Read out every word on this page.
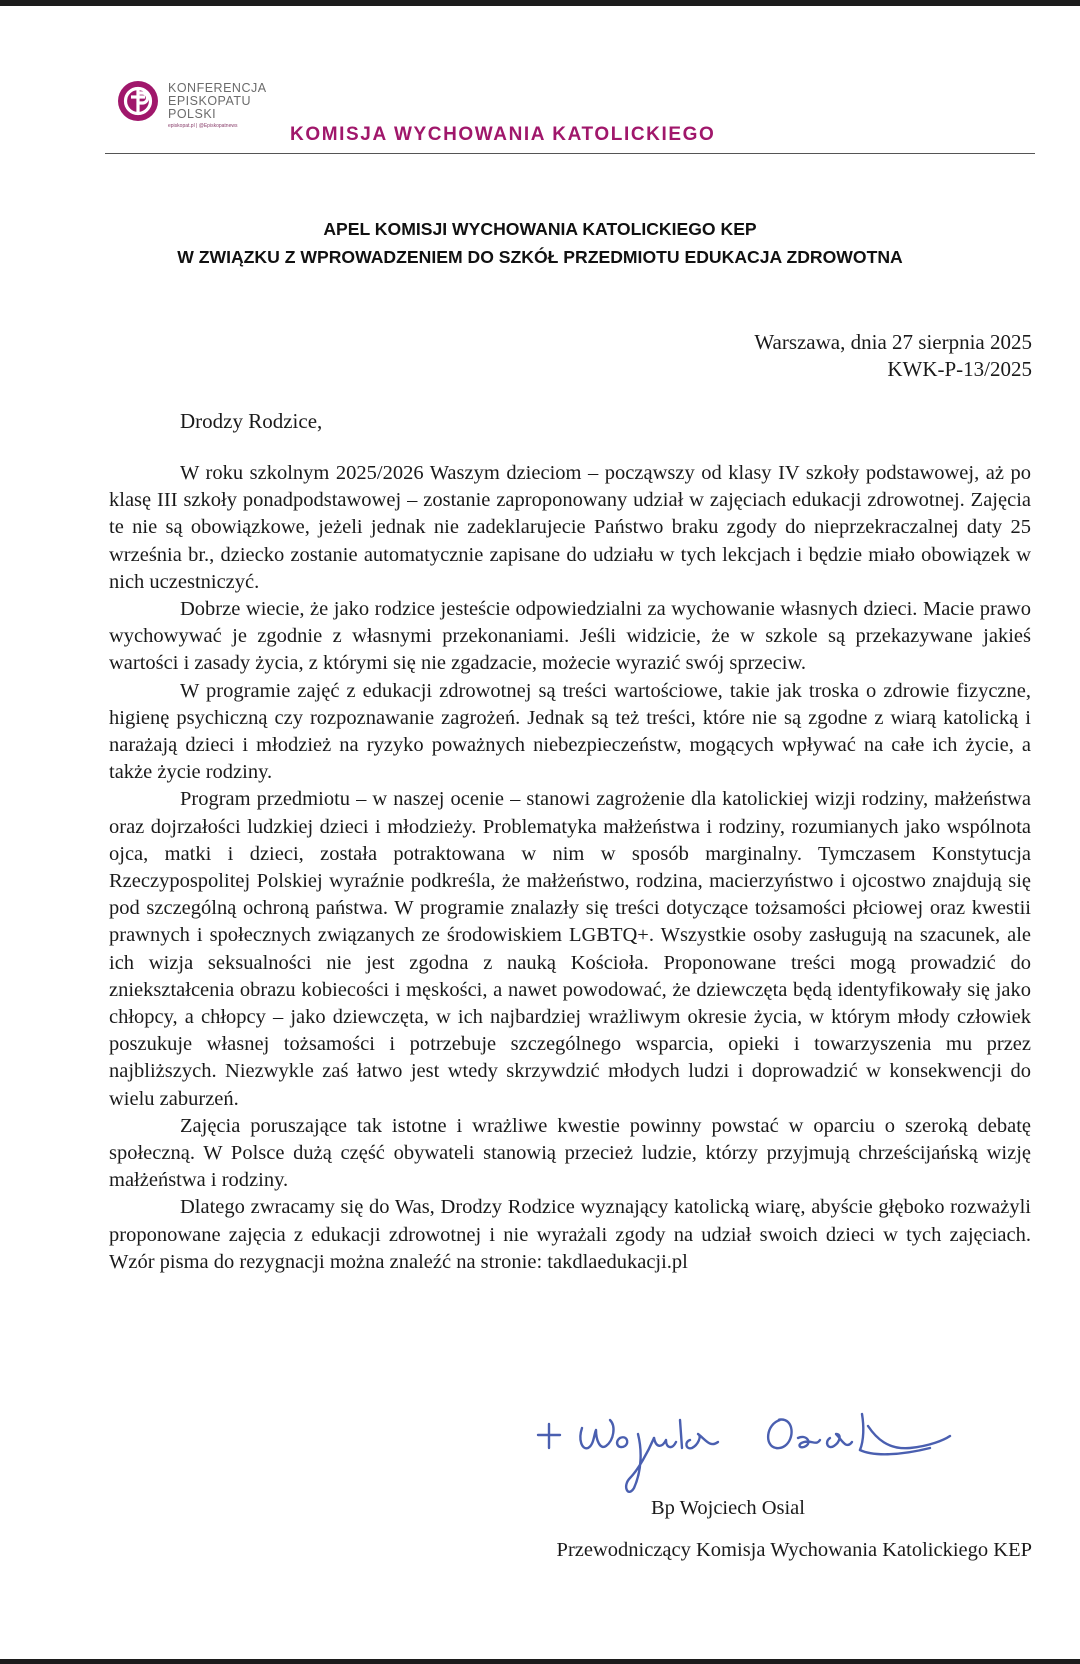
KONFERENCJA
EPISKOPATU
POLSKI
episkopat.pl | @Episkopatnews	KOMISJA WYCHOWANIA KATOLICKIEGO
APEL KOMISJI WYCHOWANIA KATOLICKIEGO KEP
W ZWIĄZKU Z WPROWADZENIEM DO SZKÓŁ PRZEDMIOTU EDUKACJA ZDROWOTNA
Warszawa, dnia 27 sierpnia 2025
KWK-P-13/2025
Drodzy Rodzice,

W roku szkolnym 2025/2026 Waszym dzieciom – począwszy od klasy IV szkoły podstawowej, aż po klasę III szkoły ponadpodstawowej – zostanie zaproponowany udział w zajęciach edukacji zdrowotnej. Zajęcia te nie są obowiązkowe, jeżeli jednak nie zadeklarujecie Państwo braku zgody do nieprzekraczalnej daty 25 września br., dziecko zostanie automatycznie zapisane do udziału w tych lekcjach i będzie miało obowiązek w nich uczestniczyć.

Dobrze wiecie, że jako rodzice jesteście odpowiedzialni za wychowanie własnych dzieci. Macie prawo wychowywać je zgodnie z własnymi przekonaniami. Jeśli widzicie, że w szkole są przekazywane jakieś wartości i zasady życia, z którymi się nie zgadzacie, możecie wyrazić swój sprzeciw.

W programie zajęć z edukacji zdrowotnej są treści wartościowe, takie jak troska o zdrowie fizyczne, higienę psychiczną czy rozpoznawanie zagrożeń. Jednak są też treści, które nie są zgodne z wiarą katolicką i narażają dzieci i młodzież na ryzyko poważnych niebezpieczeństw, mogących wpływać na całe ich życie, a także życie rodziny.

Program przedmiotu – w naszej ocenie – stanowi zagrożenie dla katolickiej wizji rodziny, małżeństwa oraz dojrzałości ludzkiej dzieci i młodzieży. Problematyka małżeństwa i rodziny, rozumianych jako wspólnota ojca, matki i dzieci, została potraktowana w nim w sposób marginalny. Tymczasem Konstytucja Rzeczypospolitej Polskiej wyraźnie podkreśla, że małżeństwo, rodzina, macierzyństwo i ojcostwo znajdują się pod szczególną ochroną państwa. W programie znalazły się treści dotyczące tożsamości płciowej oraz kwestii prawnych i społecznych związanych ze środowiskiem LGBTQ+. Wszystkie osoby zasługują na szacunek, ale ich wizja seksualności nie jest zgodna z nauką Kościoła. Proponowane treści mogą prowadzić do zniekształcenia obrazu kobiecości i męskości, a nawet powodować, że dziewczęta będą identyfikowały się jako chłopcy, a chłopcy – jako dziewczęta, w ich najbardziej wrażliwym okresie życia, w którym młody człowiek poszukuje własnej tożsamości i potrzebuje szczególnego wsparcia, opieki i towarzyszenia mu przez najbliższych. Niezwykle zaś łatwo jest wtedy skrzywdzić młodych ludzi i doprowadzić w konsekwencji do wielu zaburzeń.

Zajęcia poruszające tak istotne i wrażliwe kwestie powinny powstać w oparciu o szeroką debatę społeczną. W Polsce dużą część obywateli stanowią przecież ludzie, którzy przyjmują chrześcijańską wizję małżeństwa i rodziny.

Dlatego zwracamy się do Was, Drodzy Rodzice wyznający katolicką wiarę, abyście głęboko rozważyli proponowane zajęcia z edukacji zdrowotnej i nie wyrażali zgody na udział swoich dzieci w tych zajęciach. Wzór pisma do rezygnacji można znaleźć na stronie: takdlaedukacji.pl

Bp Wojciech Osial
Przewodniczący Komisja Wychowania Katolickiego KEP
